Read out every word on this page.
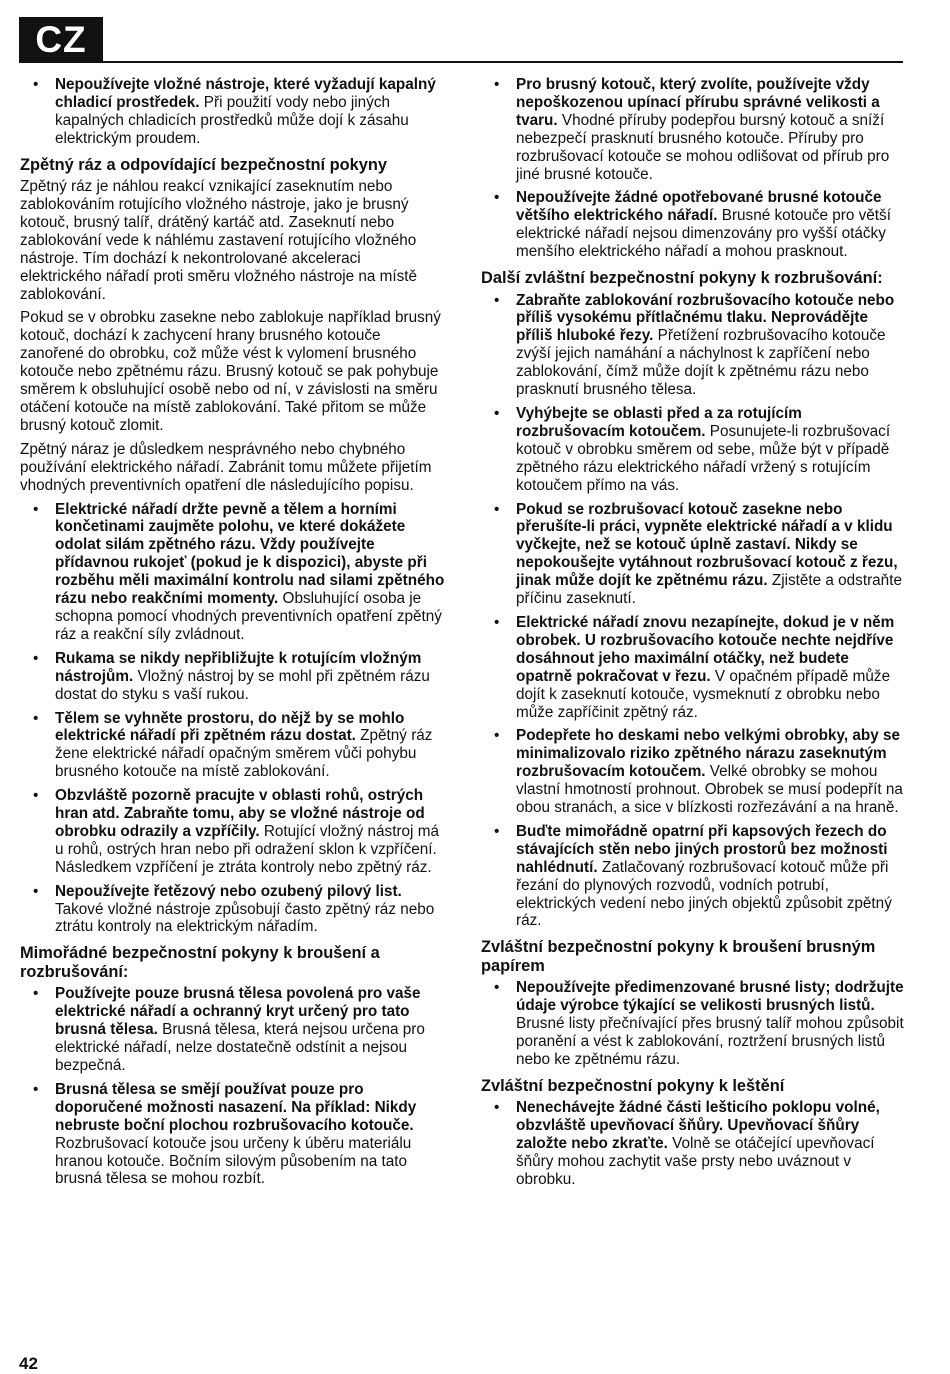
CZ
• Nepoužívejte vložné nástroje, které vyžadují kapalný chladicí prostředek. Při použití vody nebo jiných kapalných chladicích prostředků může dojí k zásahu elektrickým proudem.
Zpětný ráz a odpovídající bezpečnostní pokyny
Zpětný ráz je náhlou reakcí vznikající zaseknutím nebo zablokováním rotujícího vložného nástroje, jako je brusný kotouč, brusný talíř, drátěný kartáč atd. Zaseknutí nebo zablokování vede k náhlému zastavení rotujícího vložného nástroje. Tím dochází k nekontrolované akceleraci elektrického nářadí proti směru vložného nástroje na místě zablokování.
Pokud se v obrobku zasekne nebo zablokuje například brusný kotouč, dochází k zachycení hrany brusného kotouče zanořené do obrobku, což může vést k vylomení brusného kotouče nebo zpětnému rázu. Brusný kotouč se pak pohybuje směrem k obsluhující osobě nebo od ní, v závislosti na směru otáčení kotouče na místě zablokování. Také přitom se může brusný kotouč zlomit.
Zpětný náraz je důsledkem nesprávného nebo chybného používání elektrického nářadí. Zabránit tomu můžete přijetím vhodných preventivních opatření dle následujícího popisu.
• Elektrické nářadí držte pevně a tělem a horními končetinami zaujměte polohu, ve které dokážete odolat silám zpětného rázu. Vždy používejte přídavnou rukojeť (pokud je k dispozici), abyste při rozběhu měli maximální kontrolu nad silami zpětného rázu nebo reakčními momenty. Obsluhující osoba je schopna pomocí vhodných preventivních opatření zpětný ráz a reakční síly zvládnout.
• Rukama se nikdy nepřibližujte k rotujícím vložným nástrojům. Vložný nástroj by se mohl při zpětném rázu dostat do styku s vaší rukou.
• Tělem se vyhněte prostoru, do nějž by se mohlo elektrické nářadí při zpětném rázu dostat. Zpětný ráz žene elektrické nářadí opačným směrem vůči pohybu brusného kotouče na místě zablokování.
• Obzvláště pozorně pracujte v oblasti rohů, ostrých hran atd. Zabraňte tomu, aby se vložné nástroje od obrobku odrazily a vzpříčily. Rotující vložný nástroj má u rohů, ostrých hran nebo při odražení sklon k vzpříčení. Následkem vzpříčení je ztráta kontroly nebo zpětný ráz.
• Nepoužívejte řetězový nebo ozubený pilový list. Takové vložné nástroje způsobují často zpětný ráz nebo ztrátu kontroly na elektrickým nářadím.
Mimořádné bezpečnostní pokyny k broušení a rozbrušování:
• Používejte pouze brusná tělesa povolená pro vaše elektrické nářadí a ochranný kryt určený pro tato brusná tělesa. Brusná tělesa, která nejsou určena pro elektrické nářadí, nelze dostatečně odstínit a nejsou bezpečná.
• Brusná tělesa se smějí používat pouze pro doporučené možnosti nasazení. Na příklad: Nikdy nebruste boční plochou rozbrušovacího kotouče. Rozbrušovací kotouče jsou určeny k úběru materiálu hranou kotouče. Bočním silovým působením na tato brusná tělesa se mohou rozbít.
• Pro brusný kotouč, který zvolíte, používejte vždy nepoškozenou upínací přírubu správné velikosti a tvaru. Vhodné příruby podepřou bursný kotouč a sníží nebezpečí prasknutí brusného kotouče. Příruby pro rozbrušovací kotouče se mohou odlišovat od přírub pro jiné brusné kotouče.
• Nepoužívejte žádné opotřebované brusné kotouče většího elektrického nářadí. Brusné kotouče pro větší elektrické nářadí nejsou dimenzovány pro vyšší otáčky menšího elektrického nářadí a mohou prasknout.
Další zvláštní bezpečnostní pokyny k rozbrušování:
• Zabraňte zablokování rozbrušovacího kotouče nebo příliš vysokému přítlačnému tlaku. Neprovádějte příliš hluboké řezy. Přetížení rozbrušovacího kotouče zvýší jejich namáhání a náchylnost k zapříčení nebo zablokování, čímž může dojít k zpětnému rázu nebo prasknutí brusného tělesa.
• Vyhýbejte se oblasti před a za rotujícím rozbrušovacím kotoučem. Posunujete-li rozbrušovací kotouč v obrobku směrem od sebe, může být v případě zpětného rázu elektrického nářadí vržený s rotujícím kotoučem přímo na vás.
• Pokud se rozbrušovací kotouč zasekne nebo přerušíte-li práci, vypněte elektrické nářadí a v klidu vyčkejte, než se kotouč úplně zastaví. Nikdy se nepokoušejte vytáhnout rozbrušovací kotouč z řezu, jinak může dojít ke zpětnému rázu. Zjistěte a odstraňte příčinu zaseknutí.
• Elektrické nářadí znovu nezapínejte, dokud je v něm obrobek. U rozbrušovacího kotouče nechte nejdříve dosáhnout jeho maximální otáčky, než budete opatrně pokračovat v řezu. V opačném případě může dojít k zaseknutí kotouče, vysmeknutí z obrobku nebo může zapříčinit zpětný ráz.
• Podepřete ho deskami nebo velkými obrobky, aby se minimalizovalo riziko zpětného nárazu zaseknutým rozbrušovacím kotoučem. Velké obrobky se mohou vlastní hmotností prohnout. Obrobek se musí podepřít na obou stranách, a sice v blízkosti rozřezávání a na hraně.
• Buďte mimořádně opatrní při kapsových řezech do stávajících stěn nebo jiných prostorů bez možnosti nahlédnutí. Zatlačovaný rozbrušovací kotouč může při řezání do plynových rozvodů, vodních potrubí, elektrických vedení nebo jiných objektů způsobit zpětný ráz.
Zvláštní bezpečnostní pokyny k broušení brusným papírem
• Nepoužívejte předimenzované brusné listy; dodržujte údaje výrobce týkající se velikosti brusných listů. Brusné listy přečnívající přes brusný talíř mohou způsobit poranění a vést k zablokování, roztržení brusných listů nebo ke zpětnému rázu.
Zvláštní bezpečnostní pokyny k leštění
• Nenechávejte žádné části lešticího poklopu volné, obzvláště upevňovací šňůry. Upevňovací šňůry založte nebo zkraťte. Volně se otáčející upevňovací šňůry mohou zachytit vaše prsty nebo uváznout v obrobku.
42
